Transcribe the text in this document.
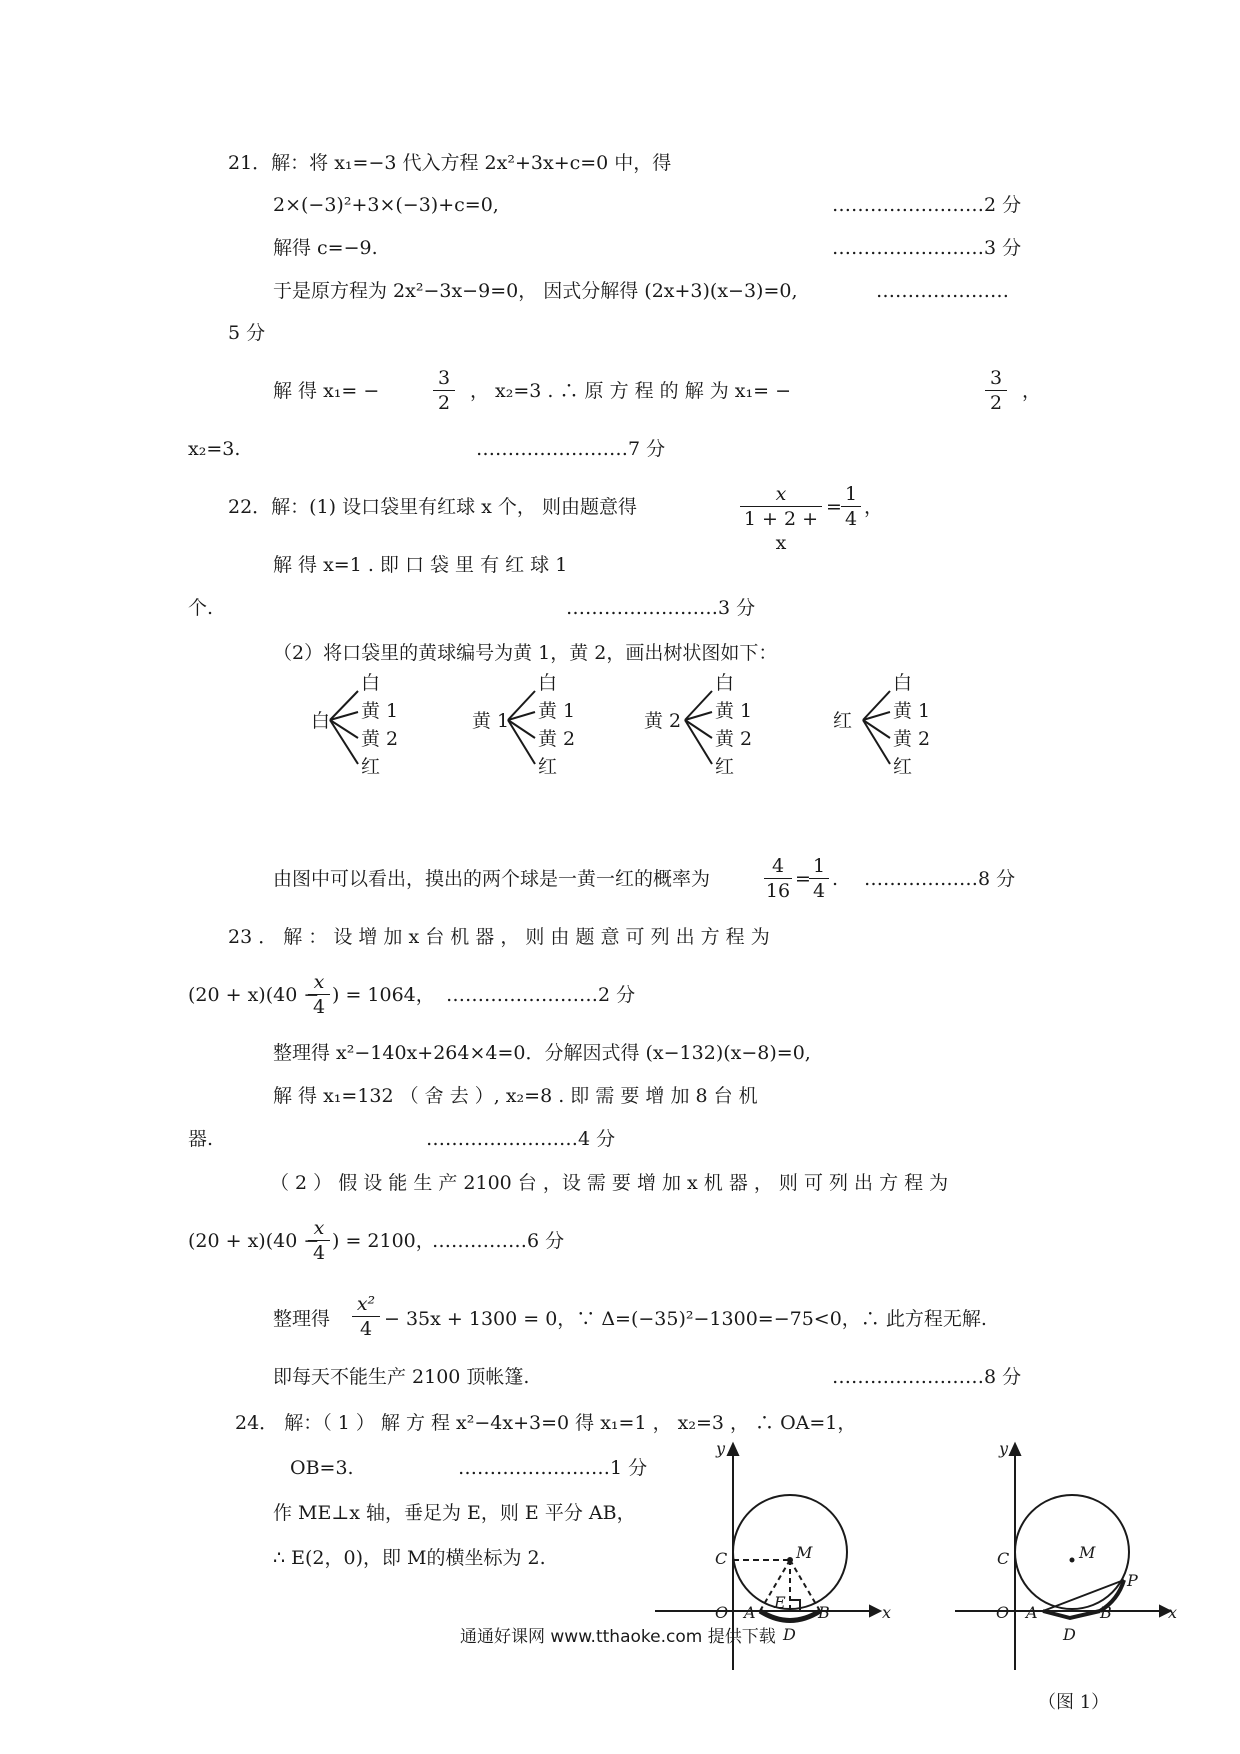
21．解：将 x₁=−3 代入方程 2x²+3x+c=0 中，得
2×(−3)²+3×(−3)+c=0,	……………………2 分
解得 c=−9.	……………………3 分
于是原方程为 2x²−3x−9=0， 因式分解得 (2x+3)(x−3)=0,	…………………
5 分
解 得 x₁= −	$\frac{3}{2}$ ， x₂=3 . ∴ 原 方 程 的 解 为 x₁= −	$\frac{3}{2}$ ，
x₂=3.	……………………7 分
22．解：(1) 设口袋里有红球 x 个， 则由题意得	$\frac{x}{1 + 2 + x} = \frac{1}{4}$ ，
解 得 x=1 . 即 口 袋 里 有 红 球 1
个.	……………………3 分
（2）将口袋里的黄球编号为黄 1，黄 2，画出树状图如下：
白
白
黄 1
黄 2
红
黄 1
白
黄 1
黄 2
红
黄 2
白
黄 1
黄 2
红
红
白
黄 1
黄 2
红
由图中可以看出，摸出的两个球是一黄一红的概率为	$\frac{4}{16}$ =
$\frac{1}{4}$ . ………………8 分
23 ． 解 ： 设 增 加 x 台 机 器 ， 则 由 题 意 可 列 出 方 程 为
(20 + x)(40 −
$\frac{x}{4}$ ) = 1064， ……………………2 分
整理得 x²−140x+264×4=0．分解因式得 (x−132)(x−8)=0,
解 得 x₁=132 （ 舍 去 ）, x₂=8 . 即 需 要 增 加 8 台 机
器.	……………………4 分
（ 2 ） 假 设 能 生 产 2100 台 ，设 需 要 增 加 x 机 器 ， 则 可 列 出 方 程 为
(20 + x)(40 −
$\frac{x}{4}$ ) = 2100，
……………6 分
整理得 $\frac{\text{x²}}{4} - 35x + 1300 = 0$，∵ Δ=(−35)²−1300=−75<0，∴ 此方程无解.
即每天不能生产 2100 顶帐篷.	……………………8 分
24． 解：（ 1 ） 解 方 程 x²−4x+3=0 得 x₁=1 ， x₂=3 ， ∴ OA=1，
OB=3.	……………………1 分
作 ME⊥x 轴，垂足为 E，则 E 平分 AB，
∴ E(2，0)，即 M的横坐标为 2.
y
x
O A	B
C
D
E
M
y
x
O A	B
C
D
M
P
（图 1）
通通好课网 www.tthaoke.com 提供下载
